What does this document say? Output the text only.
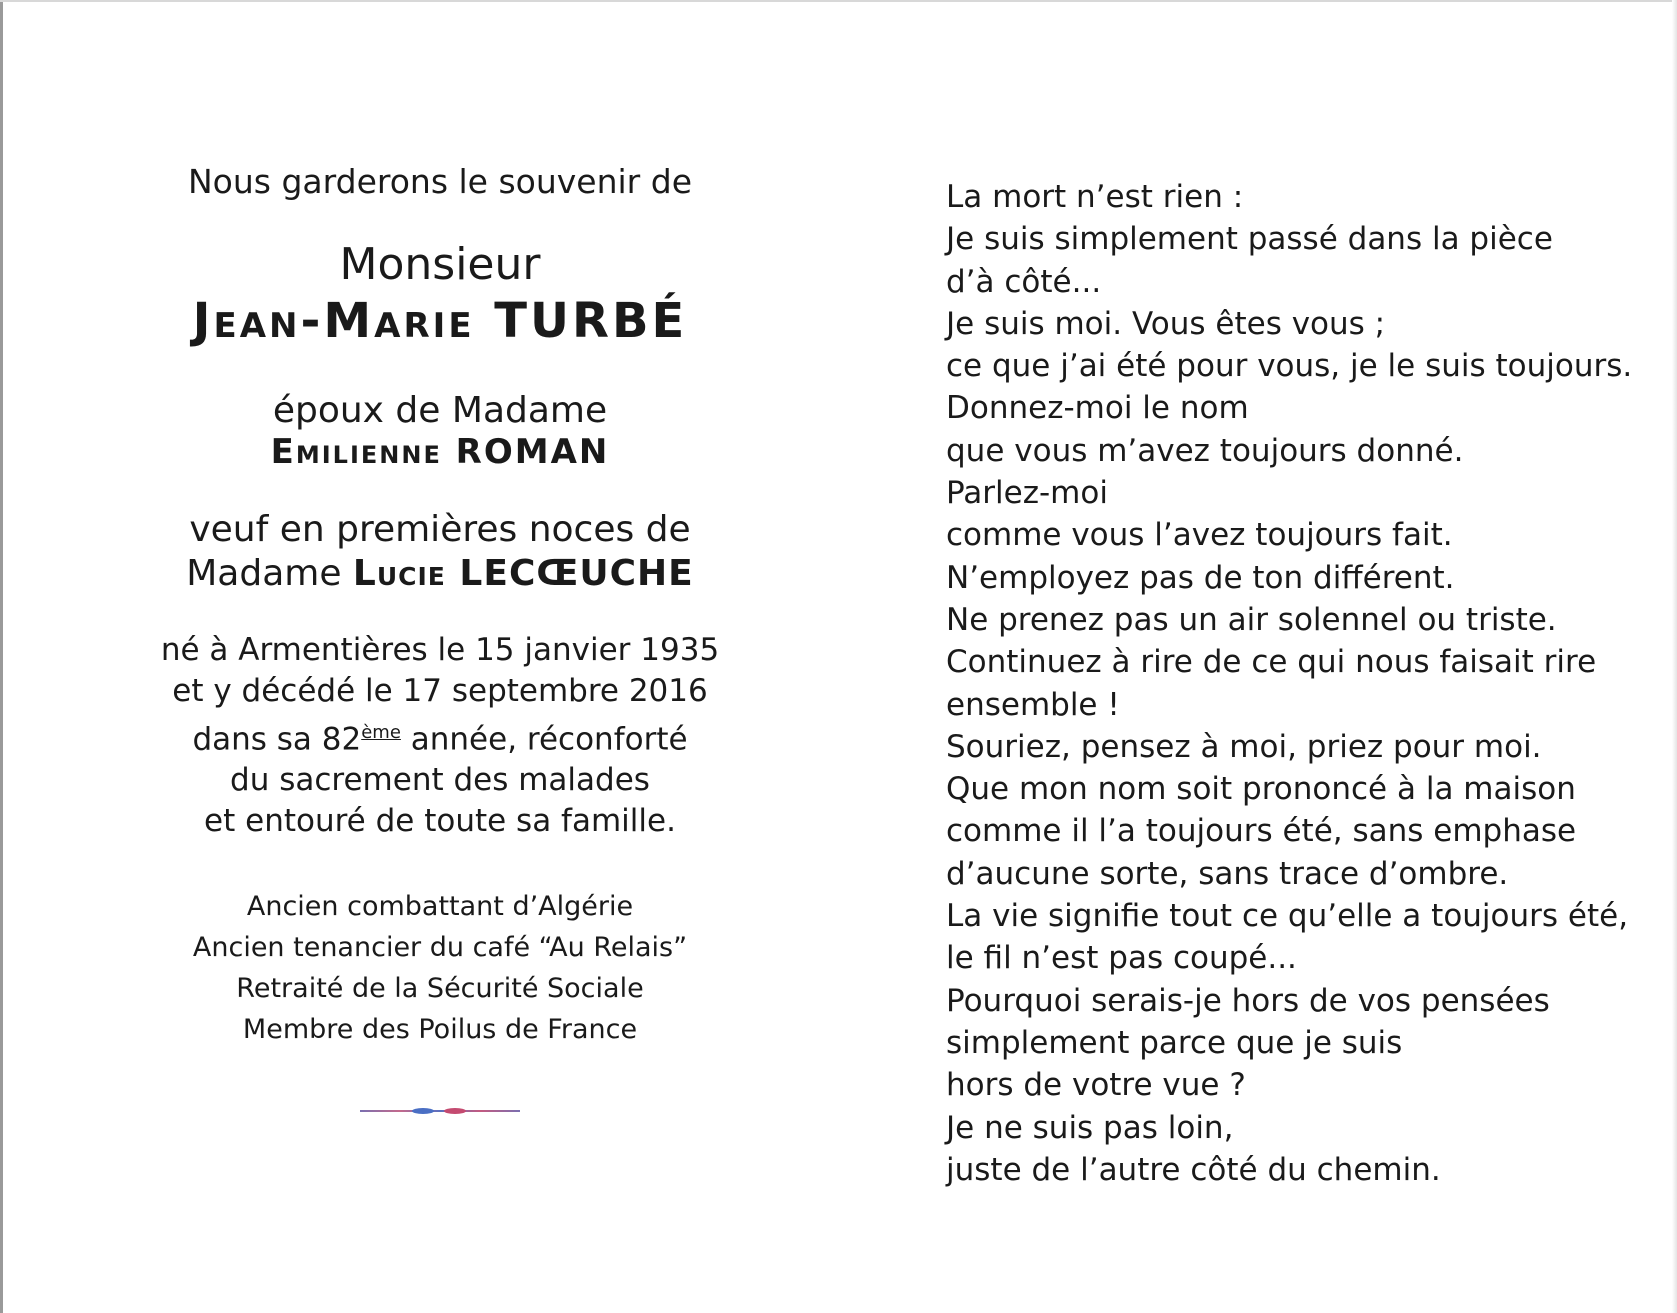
Nous garderons le souvenir de
Monsieur
Jean-Marie TURBÉ
époux de Madame
Emilienne ROMAN
veuf en premières noces de
Madame Lucie LECŒUCHE
né à Armentières le 15 janvier 1935
et y décédé le 17 septembre 2016
dans sa 82ème année, réconforté
du sacrement des malades
et entouré de toute sa famille.
Ancien combattant d’Algérie
Ancien tenancier du café “Au Relais”
Retraité de la Sécurité Sociale
Membre des Poilus de France
La mort n’est rien :
Je suis simplement passé dans la pièce
d’à côté...
Je suis moi. Vous êtes vous ;
ce que j’ai été pour vous, je le suis toujours.
Donnez-moi le nom
que vous m’avez toujours donné.
Parlez-moi
comme vous l’avez toujours fait.
N’employez pas de ton différent.
Ne prenez pas un air solennel ou triste.
Continuez à rire de ce qui nous faisait rire
ensemble !
Souriez, pensez à moi, priez pour moi.
Que mon nom soit prononcé à la maison
comme il l’a toujours été, sans emphase
d’aucune sorte, sans trace d’ombre.
La vie signifie tout ce qu’elle a toujours été,
le fil n’est pas coupé...
Pourquoi serais-je hors de vos pensées
simplement parce que je suis
hors de votre vue ?
Je ne suis pas loin,
juste de l’autre côté du chemin.
